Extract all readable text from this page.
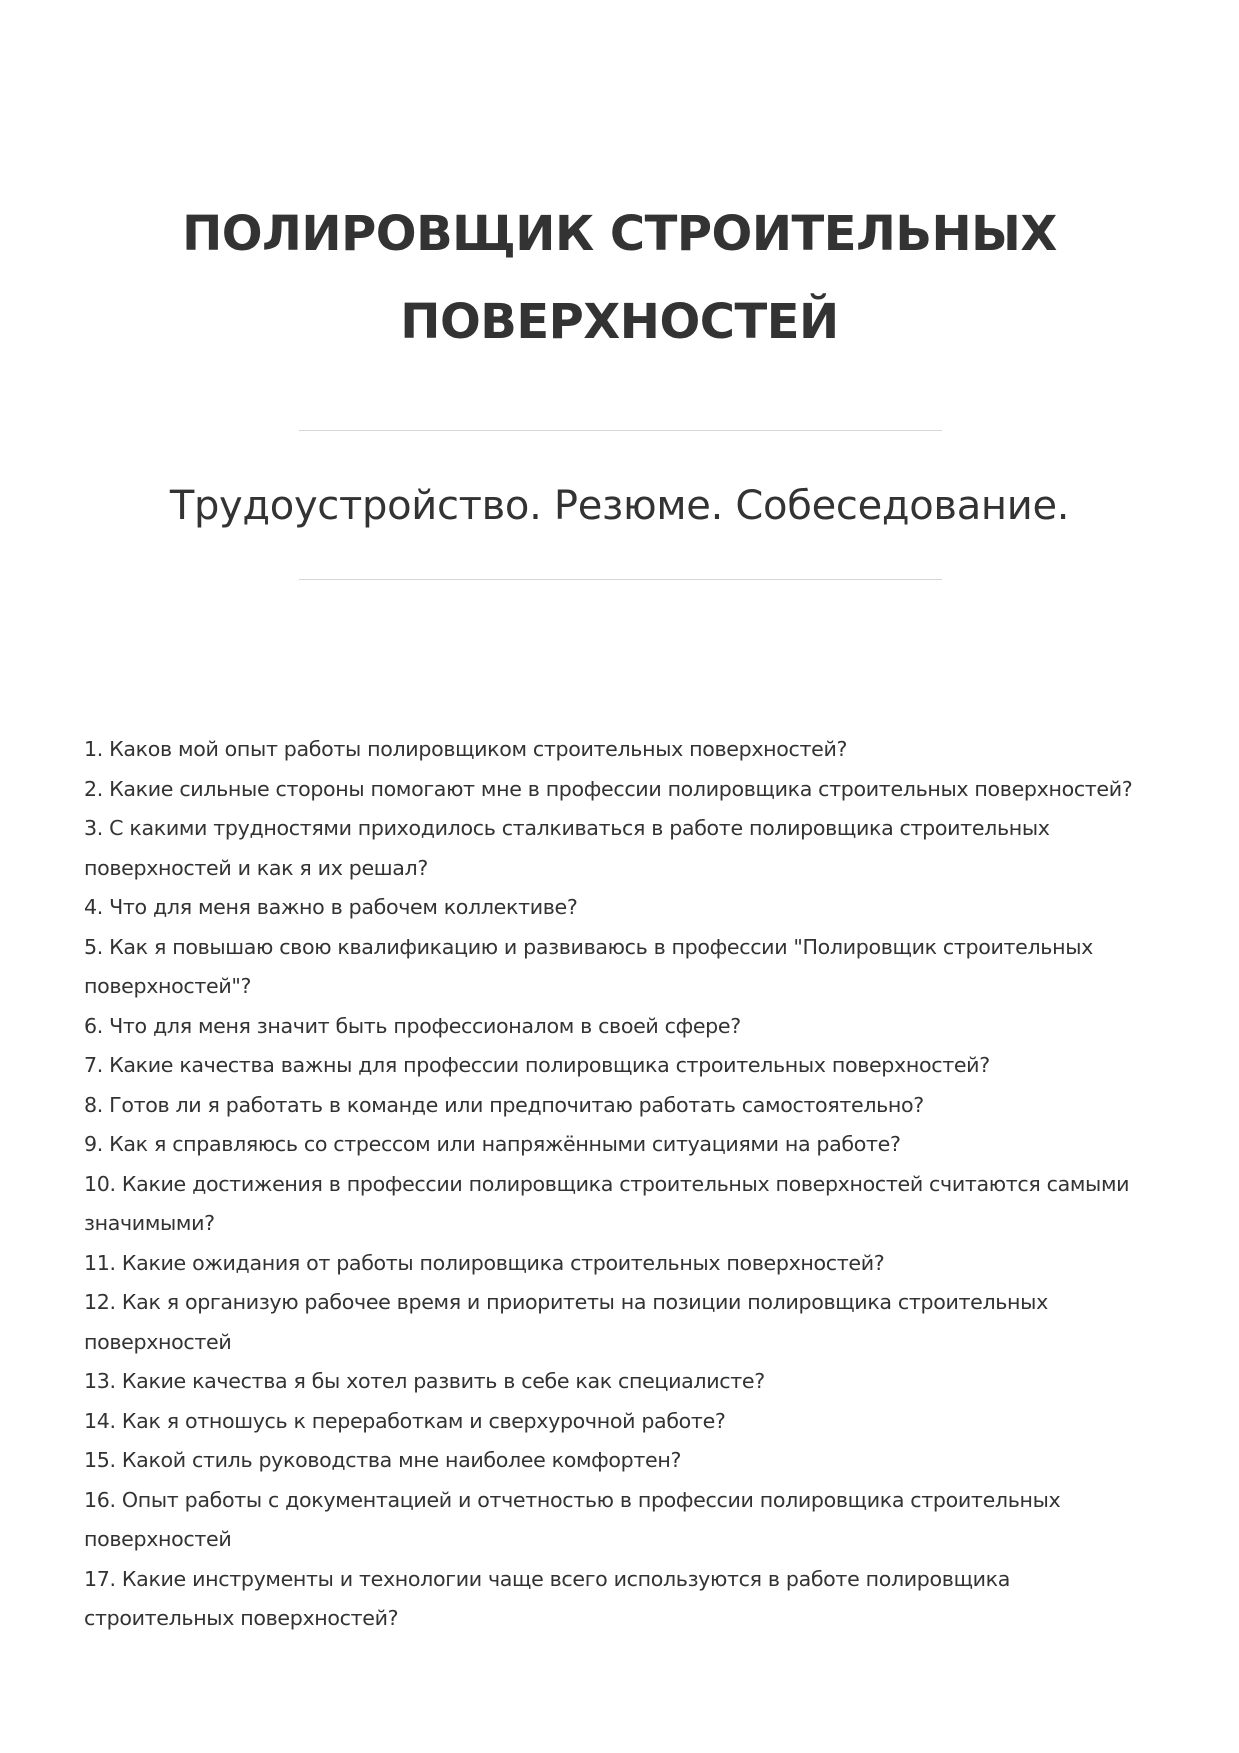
ПОЛИРОВЩИК СТРОИТЕЛЬНЫХ ПОВЕРХНОСТЕЙ
Трудоустройство. Резюме. Собеседование.
1. Каков мой опыт работы полировщиком строительных поверхностей?
2. Какие сильные стороны помогают мне в профессии полировщика строительных поверхностей?
3. С какими трудностями приходилось сталкиваться в работе полировщика строительных поверхностей и как я их решал?
4. Что для меня важно в рабочем коллективе?
5. Как я повышаю свою квалификацию и развиваюсь в профессии "Полировщик строительных поверхностей"?
6. Что для меня значит быть профессионалом в своей сфере?
7. Какие качества важны для профессии полировщика строительных поверхностей?
8. Готов ли я работать в команде или предпочитаю работать самостоятельно?
9. Как я справляюсь со стрессом или напряжёнными ситуациями на работе?
10. Какие достижения в профессии полировщика строительных поверхностей считаются самыми значимыми?
11. Какие ожидания от работы полировщика строительных поверхностей?
12. Как я организую рабочее время и приоритеты на позиции полировщика строительных поверхностей
13. Какие качества я бы хотел развить в себе как специалисте?
14. Как я отношусь к переработкам и сверхурочной работе?
15. Какой стиль руководства мне наиболее комфортен?
16. Опыт работы с документацией и отчетностью в профессии полировщика строительных поверхностей
17. Какие инструменты и технологии чаще всего используются в работе полировщика строительных поверхностей?
